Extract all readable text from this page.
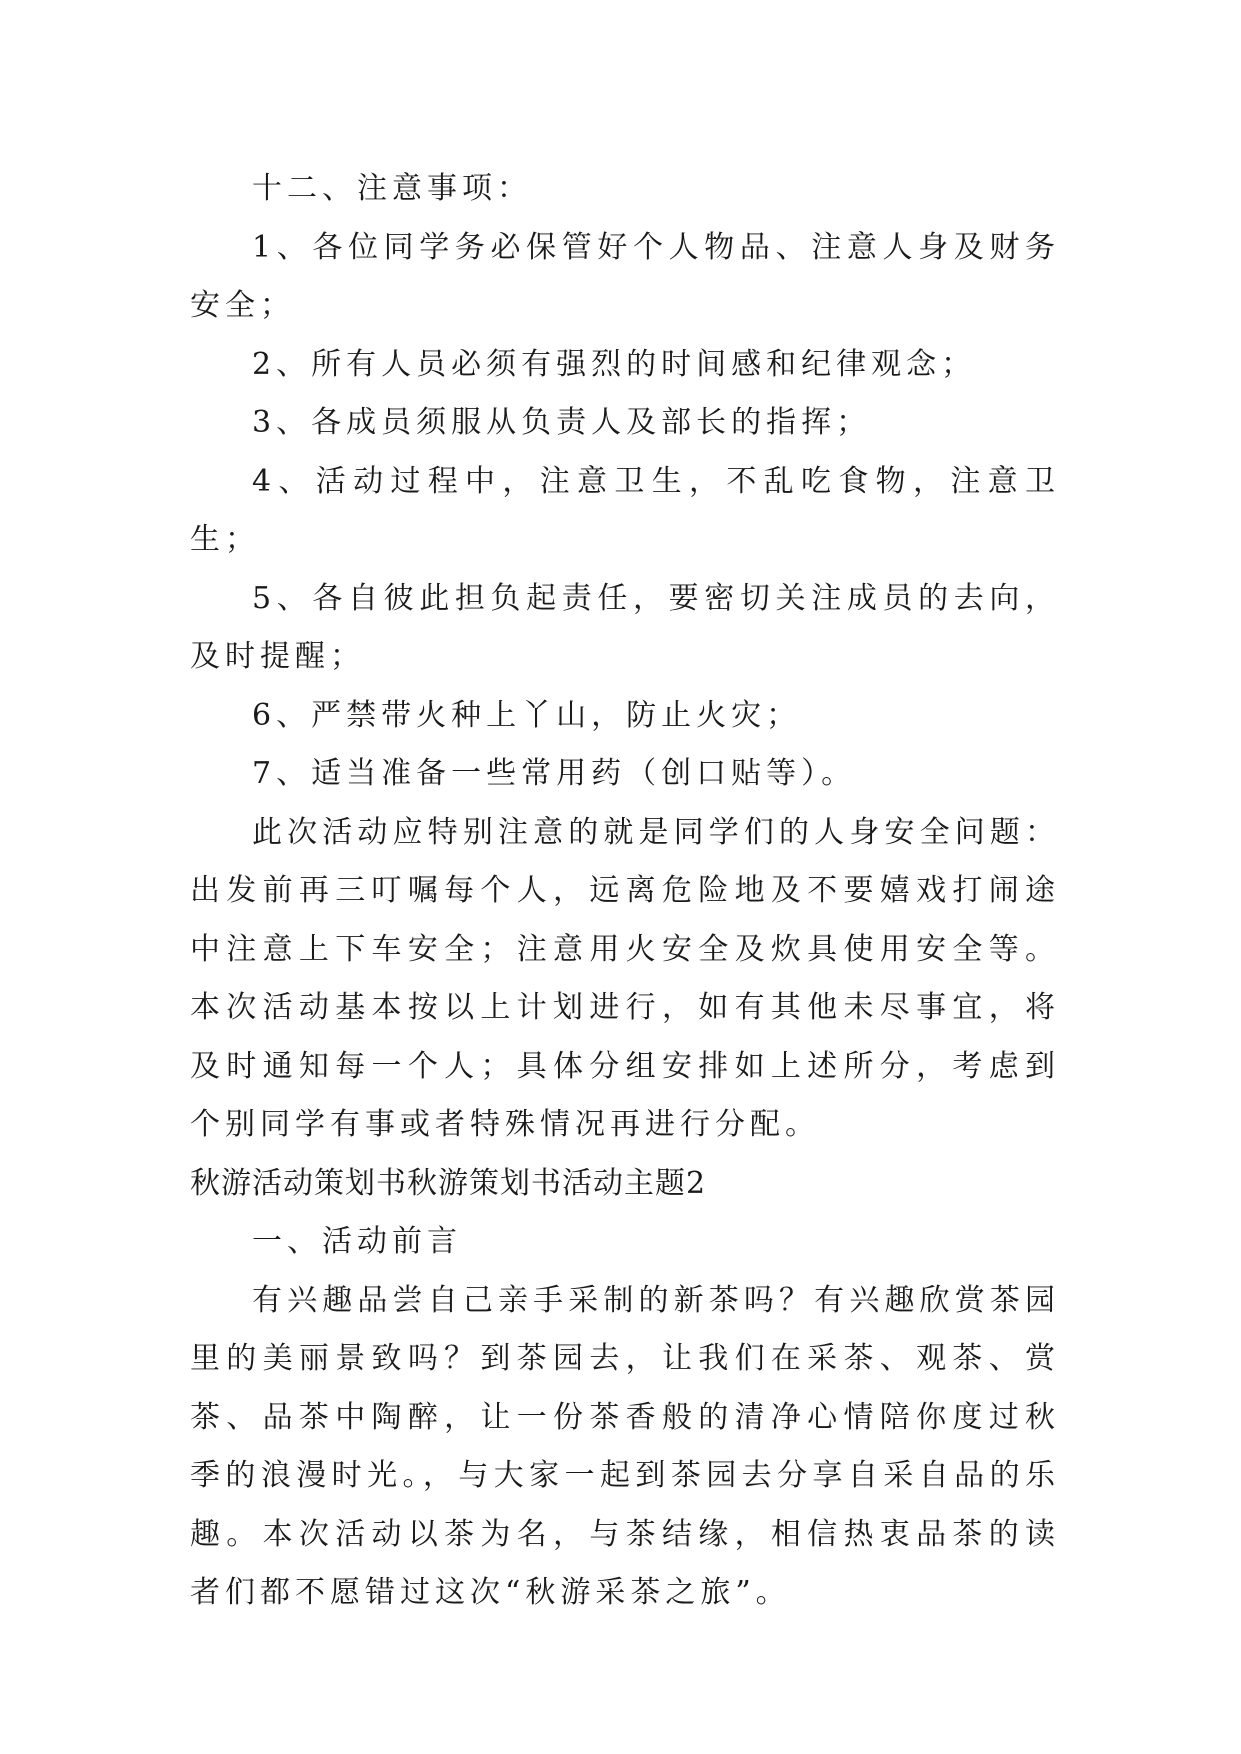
十二、注意事项：

1、各位同学务必保管好个人物品、注意人身及财务安全；

2、所有人员必须有强烈的时间感和纪律观念；

3、各成员须服从负责人及部长的指挥；

4、活动过程中，注意卫生，不乱吃食物，注意卫生；

5、各自彼此担负起责任，要密切关注成员的去向，及时提醒；

6、严禁带火种上丫山，防止火灾；

7、适当准备一些常用药（创口贴等）。

此次活动应特别注意的就是同学们的人身安全问题：出发前再三叮嘱每个人，远离危险地及不要嬉戏打闹途中注意上下车安全；注意用火安全及炊具使用安全等。本次活动基本按以上计划进行，如有其他未尽事宜，将及时通知每一个人；具体分组安排如上述所分，考虑到个别同学有事或者特殊情况再进行分配。

秋游活动策划书秋游策划书活动主题2

一、活动前言

有兴趣品尝自己亲手采制的新茶吗？有兴趣欣赏茶园里的美丽景致吗？到茶园去，让我们在采茶、观茶、赏茶、品茶中陶醉，让一份茶香般的清净心情陪你度过秋季的浪漫时光。，与大家一起到茶园去分享自采自品的乐趣。本次活动以茶为名，与茶结缘，相信热衷品茶的读者们都不愿错过这次“秋游采茶之旅”。
